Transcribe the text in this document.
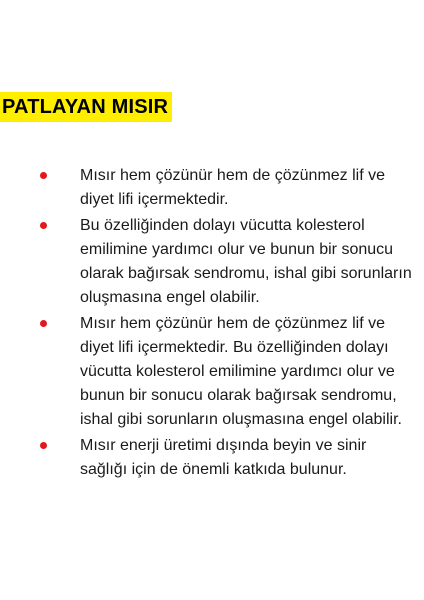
PATLAYAN MISIR
Mısır hem çözünür hem de çözünmez lif ve diyet lifi içermektedir.
Bu özelliğinden dolayı vücutta kolesterol emilimine yardımcı olur ve bunun bir sonucu olarak bağırsak sendromu, ishal gibi sorunların oluşmasına engel olabilir.
Mısır hem çözünür hem de çözünmez lif ve diyet lifi içermektedir. Bu özelliğinden dolayı vücutta kolesterol emilimine yardımcı olur ve bunun bir sonucu olarak bağırsak sendromu, ishal gibi sorunların oluşmasına engel olabilir.
Mısır enerji üretimi dışında beyin ve sinir sağlığı için de önemli katkıda bulunur.
